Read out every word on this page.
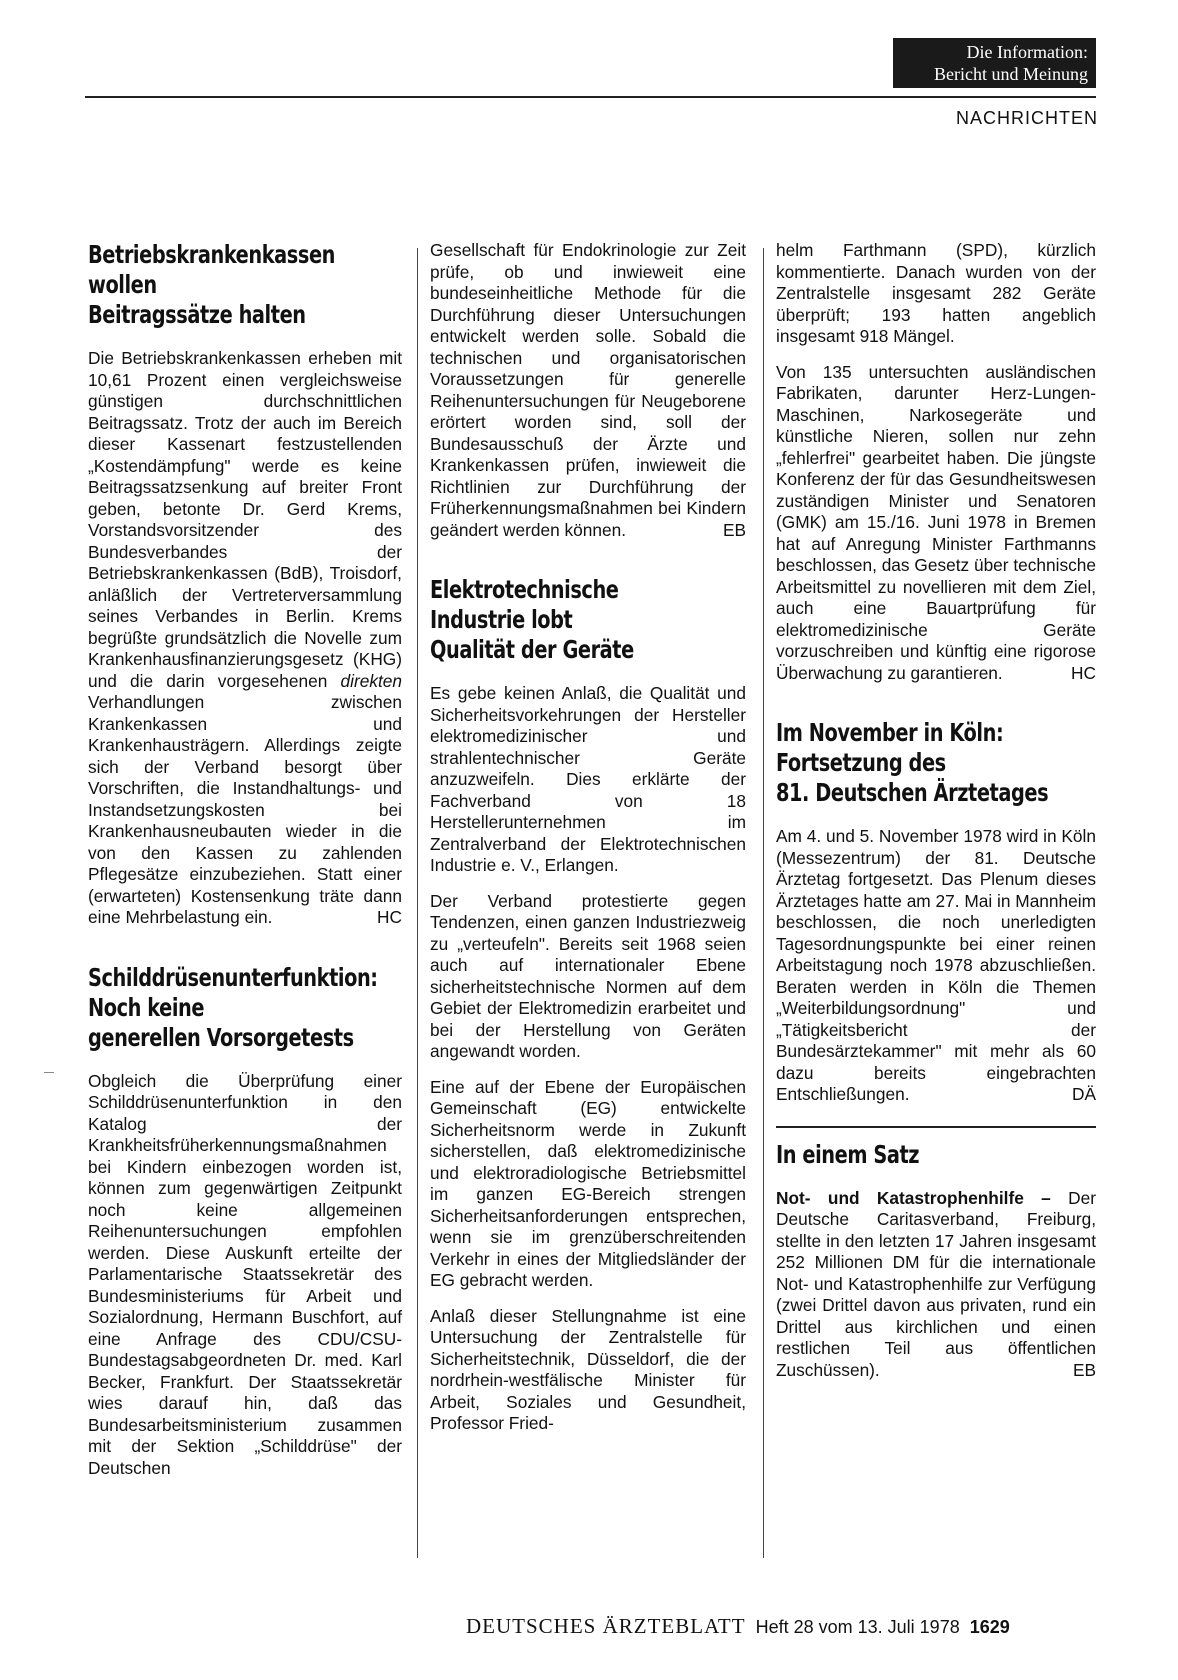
Die Information:
Bericht und Meinung
NACHRICHTEN
Betriebskrankenkassen
wollen
Beitragssätze halten

Die Betriebskrankenkassen erheben mit 10,61 Prozent einen vergleichsweise günstigen durchschnittlichen Beitragssatz. Trotz der auch im Bereich dieser Kassenart festzustellenden „Kostendämpfung" werde es keine Beitragssatzsenkung auf breiter Front geben, betonte Dr. Gerd Krems, Vorstandsvorsitzender des Bundesverbandes der Betriebskrankenkassen (BdB), Troisdorf, anläßlich der Vertreterversammlung seines Verbandes in Berlin. Krems begrüßte grundsätzlich die Novelle zum Krankenhausfinanzierungsgesetz (KHG) und die darin vorgesehenen direkten Verhandlungen zwischen Krankenkassen und Krankenhausträgern. Allerdings zeigte sich der Verband besorgt über Vorschriften, die Instandhaltungs- und Instandsetzungskosten bei Krankenhausneubauten wieder in die von den Kassen zu zahlenden Pflegesätze einzubeziehen. Statt einer (erwarteten) Kostensenkung träte dann eine Mehrbelastung ein.	HC

Schilddrüsenunterfunktion:
Noch keine
generellen Vorsorgetests

Obgleich die Überprüfung einer Schilddrüsenunterfunktion in den Katalog der Krankheitsfrüherkennungsmaßnahmen bei Kindern einbezogen worden ist, können zum gegenwärtigen Zeitpunkt noch keine allgemeinen Reihenuntersuchungen empfohlen werden. Diese Auskunft erteilte der Parlamentarische Staatssekretär des Bundesministeriums für Arbeit und Sozialordnung, Hermann Buschfort, auf eine Anfrage des CDU/CSU-Bundestagsabgeordneten Dr. med. Karl Becker, Frankfurt. Der Staatssekretär wies darauf hin, daß das Bundesarbeitsministerium zusammen mit der Sektion „Schilddrüse" der Deutschen

Gesellschaft für Endokrinologie zur Zeit prüfe, ob und inwieweit eine bundeseinheitliche Methode für die Durchführung dieser Untersuchungen entwickelt werden solle. Sobald die technischen und organisatorischen Voraussetzungen für generelle Reihenuntersuchungen für Neugeborene erörtert worden sind, soll der Bundesausschuß der Ärzte und Krankenkassen prüfen, inwieweit die Richtlinien zur Durchführung der Früherkennungsmaßnahmen bei Kindern geändert werden können.	EB

Elektrotechnische
Industrie lobt
Qualität der Geräte

Es gebe keinen Anlaß, die Qualität und Sicherheitsvorkehrungen der Hersteller elektromedizinischer und strahlentechnischer Geräte anzuzweifeln. Dies erklärte der Fachverband von 18 Herstellerunternehmen im Zentralverband der Elektrotechnischen Industrie e. V., Erlangen.

Der Verband protestierte gegen Tendenzen, einen ganzen Industriezweig zu „verteufeln". Bereits seit 1968 seien auch auf internationaler Ebene sicherheitstechnische Normen auf dem Gebiet der Elektromedizin erarbeitet und bei der Herstellung von Geräten angewandt worden.

Eine auf der Ebene der Europäischen Gemeinschaft (EG) entwickelte Sicherheitsnorm werde in Zukunft sicherstellen, daß elektromedizinische und elektroradiologische Betriebsmittel im ganzen EG-Bereich strengen Sicherheitsanforderungen entsprechen, wenn sie im grenzüberschreitenden Verkehr in eines der Mitgliedsländer der EG gebracht werden.

Anlaß dieser Stellungnahme ist eine Untersuchung der Zentralstelle für Sicherheitstechnik, Düsseldorf, die der nordrhein-westfälische Minister für Arbeit, Soziales und Gesundheit, Professor Fried-

helm Farthmann (SPD), kürzlich kommentierte. Danach wurden von der Zentralstelle insgesamt 282 Geräte überprüft; 193 hatten angeblich insgesamt 918 Mängel.

Von 135 untersuchten ausländischen Fabrikaten, darunter Herz-Lungen-Maschinen, Narkosegeräte und künstliche Nieren, sollen nur zehn „fehlerfrei" gearbeitet haben. Die jüngste Konferenz der für das Gesundheitswesen zuständigen Minister und Senatoren (GMK) am 15./16. Juni 1978 in Bremen hat auf Anregung Minister Farthmanns beschlossen, das Gesetz über technische Arbeitsmittel zu novellieren mit dem Ziel, auch eine Bauartprüfung für elektromedizinische Geräte vorzuschreiben und künftig eine rigorose Überwachung zu garantieren.	HC

Im November in Köln:
Fortsetzung des
81. Deutschen Ärztetages

Am 4. und 5. November 1978 wird in Köln (Messezentrum) der 81. Deutsche Ärztetag fortgesetzt. Das Plenum dieses Ärztetages hatte am 27. Mai in Mannheim beschlossen, die noch unerledigten Tagesordnungspunkte bei einer reinen Arbeitstagung noch 1978 abzuschließen. Beraten werden in Köln die Themen „Weiterbildungsordnung" und „Tätigkeitsbericht der Bundesärztekammer" mit mehr als 60 dazu bereits eingebrachten Entschließungen.	DÄ

In einem Satz

Not- und Katastrophenhilfe – Der Deutsche Caritasverband, Freiburg, stellte in den letzten 17 Jahren insgesamt 252 Millionen DM für die internationale Not- und Katastrophenhilfe zur Verfügung (zwei Drittel davon aus privaten, rund ein Drittel aus kirchlichen und einen restlichen Teil aus öffentlichen Zuschüssen).	EB

DEUTSCHES ÄRZTEBLATT Heft 28 vom 13. Juli 1978 1629
